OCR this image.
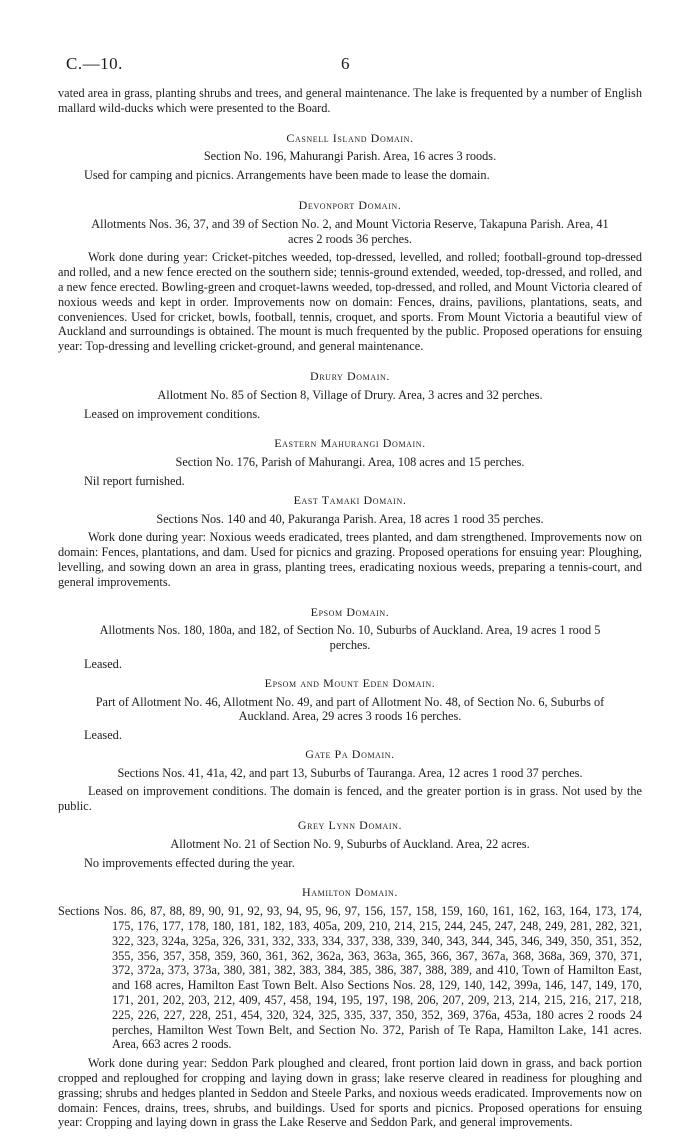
C.—10.	6

vated area in grass, planting shrubs and trees, and general maintenance. The lake is frequented by a number of English mallard wild-ducks which were presented to the Board.

Casnell Island Domain.
Section No. 196, Mahurangi Parish. Area, 16 acres 3 roods.
Used for camping and picnics. Arrangements have been made to lease the domain.
Devonport Domain.
Allotments Nos. 36, 37, and 39 of Section No. 2, and Mount Victoria Reserve, Takapuna Parish. Area, 41 acres 2 roods 36 perches.

Work done during year: Cricket-pitches weeded, top-dressed, levelled, and rolled; football-ground top-dressed and rolled, and a new fence erected on the southern side; tennis-ground extended, weeded, top-dressed, and rolled, and a new fence erected. Bowling-green and croquet-lawns weeded, top-dressed, and rolled, and Mount Victoria cleared of noxious weeds and kept in order. Improvements now on domain: Fences, drains, pavilions, plantations, seats, and conveniences. Used for cricket, bowls, football, tennis, croquet, and sports. From Mount Victoria a beautiful view of Auckland and surroundings is obtained. The mount is much frequented by the public. Proposed operations for ensuing year: Top-dressing and levelling cricket-ground, and general maintenance.

Drury Domain.
Allotment No. 85 of Section 8, Village of Drury. Area, 3 acres and 32 perches.
Leased on improvement conditions.
Eastern Mahurangi Domain.
Section No. 176, Parish of Mahurangi. Area, 108 acres and 15 perches.
Nil report furnished.
East Tamaki Domain.
Sections Nos. 140 and 40, Pakuranga Parish. Area, 18 acres 1 rood 35 perches.

Work done during year: Noxious weeds eradicated, trees planted, and dam strengthened. Improvements now on domain: Fences, plantations, and dam. Used for picnics and grazing. Proposed operations for ensuing year: Ploughing, levelling, and sowing down an area in grass, planting trees, eradicating noxious weeds, preparing a tennis-court, and general improvements.

Epsom Domain.
Allotments Nos. 180, 180a, and 182, of Section No. 10, Suburbs of Auckland. Area, 19 acres 1 rood 5 perches.
Leased.
Epsom and Mount Eden Domain.
Part of Allotment No. 46, Allotment No. 49, and part of Allotment No. 48, of Section No. 6, Suburbs of Auckland. Area, 29 acres 3 roods 16 perches.
Leased.
Gate Pa Domain.
Sections Nos. 41, 41a, 42, and part 13, Suburbs of Tauranga. Area, 12 acres 1 rood 37 perches.

Leased on improvement conditions. The domain is fenced, and the greater portion is in grass. Not used by the public.

Grey Lynn Domain.
Allotment No. 21 of Section No. 9, Suburbs of Auckland. Area, 22 acres.
No improvements effected during the year.
Hamilton Domain.

Sections Nos. 86, 87, 88, 89, 90, 91, 92, 93, 94, 95, 96, 97, 156, 157, 158, 159, 160, 161, 162, 163, 164, 173, 174, 175, 176, 177, 178, 180, 181, 182, 183, 405a, 209, 210, 214, 215, 244, 245, 247, 248, 249, 281, 282, 321, 322, 323, 324a, 325a, 326, 331, 332, 333, 334, 337, 338, 339, 340, 343, 344, 345, 346, 349, 350, 351, 352, 355, 356, 357, 358, 359, 360, 361, 362, 362a, 363, 363a, 365, 366, 367, 367a, 368, 368a, 369, 370, 371, 372, 372a, 373, 373a, 380, 381, 382, 383, 384, 385, 386, 387, 388, 389, and 410, Town of Hamilton East, and 168 acres, Hamilton East Town Belt. Also Sections Nos. 28, 129, 140, 142, 399a, 146, 147, 149, 170, 171, 201, 202, 203, 212, 409, 457, 458, 194, 195, 197, 198, 206, 207, 209, 213, 214, 215, 216, 217, 218, 225, 226, 227, 228, 251, 454, 320, 324, 325, 335, 337, 350, 352, 369, 376a, 453a, 180 acres 2 roods 24 perches, Hamilton West Town Belt, and Section No. 372, Parish of Te Rapa, Hamilton Lake, 141 acres. Area, 663 acres 2 roods.

Work done during year: Seddon Park ploughed and cleared, front portion laid down in grass, and back portion cropped and reploughed for cropping and laying down in grass; lake reserve cleared in readiness for ploughing and grassing; shrubs and hedges planted in Seddon and Steele Parks, and noxious weeds eradicated. Improvements now on domain: Fences, drains, trees, shrubs, and buildings. Used for sports and picnics. Proposed operations for ensuing year: Cropping and laying down in grass the Lake Reserve and Seddon Park, and general improvements.
